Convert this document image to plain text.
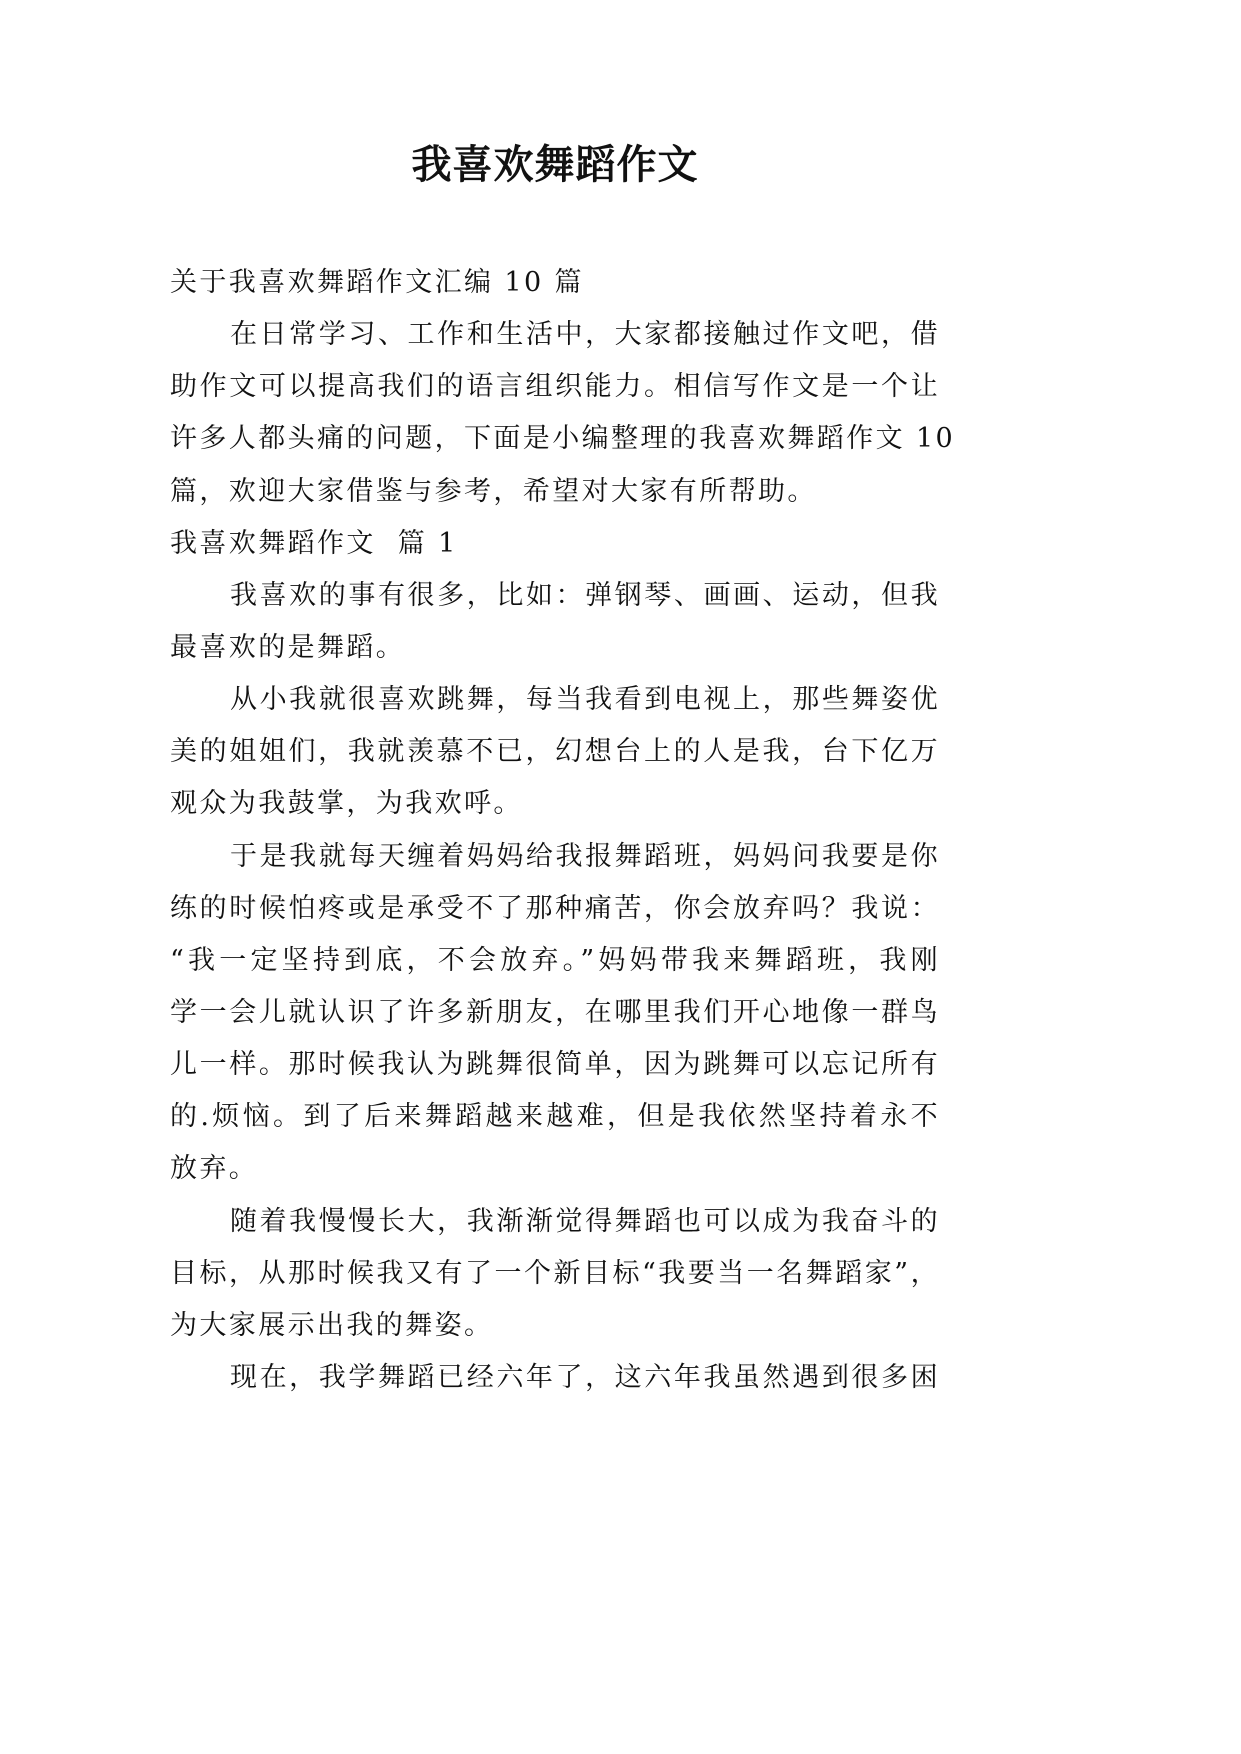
我喜欢舞蹈作文
关于我喜欢舞蹈作文汇编 10 篇
在日常学习、工作和生活中，大家都接触过作文吧，借
助作文可以提高我们的语言组织能力。相信写作文是一个让
许多人都头痛的问题，下面是小编整理的我喜欢舞蹈作文 10
篇，欢迎大家借鉴与参考，希望对大家有所帮助。
我喜欢舞蹈作文  篇 1
我喜欢的事有很多，比如：弹钢琴、画画、运动，但我
最喜欢的是舞蹈。
从小我就很喜欢跳舞，每当我看到电视上，那些舞姿优
美的姐姐们，我就羡慕不已，幻想台上的人是我，台下亿万
观众为我鼓掌，为我欢呼。
于是我就每天缠着妈妈给我报舞蹈班，妈妈问我要是你
练的时候怕疼或是承受不了那种痛苦，你会放弃吗？我说：
“我一定坚持到底，不会放弃。”妈妈带我来舞蹈班，我刚
学一会儿就认识了许多新朋友，在哪里我们开心地像一群鸟
儿一样。那时候我认为跳舞很简单，因为跳舞可以忘记所有
的.烦恼。到了后来舞蹈越来越难，但是我依然坚持着永不
放弃。
随着我慢慢长大，我渐渐觉得舞蹈也可以成为我奋斗的
目标，从那时候我又有了一个新目标“我要当一名舞蹈家”，
为大家展示出我的舞姿。
现在，我学舞蹈已经六年了，这六年我虽然遇到很多困
